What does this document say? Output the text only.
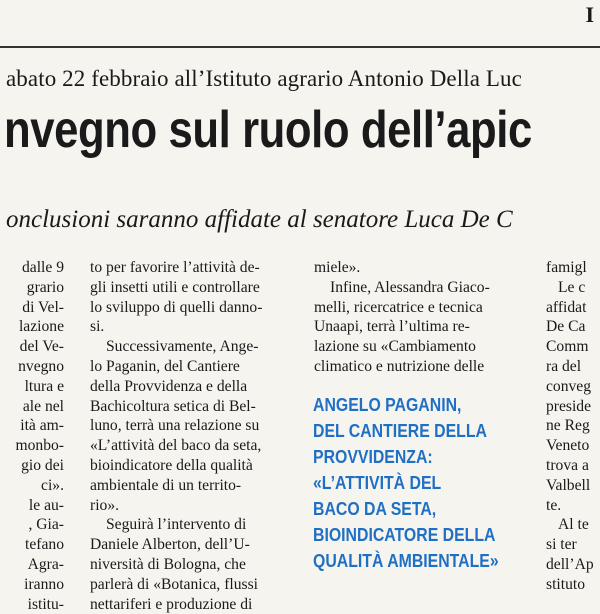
I
abato 22 febbraio all’Istituto agrario Antonio Della Luc
nvegno sul ruolo dell’apic
onclusioni saranno affidate al senatore Luca De C
dalle 9
grario
di Vel-
lazione
del Ve-
nvegno
ltura e
ale nel
ità am-
monbo-
gio dei
ci».
le au-
, Gia-
tefano
Agra-
iranno
istitu-
to per favorire l’attività de-
gli insetti utili e controllare
lo sviluppo di quelli danno-
si.
Successivamente, Ange-
lo Paganin, del Cantiere
della Provvidenza e della
Bachicoltura setica di Bel-
luno, terrà una relazione su
«L’attività del baco da seta,
bioindicatore della qualità
ambientale di un territo-
rio».
Seguirà l’intervento di
Daniele Alberton, dell’U-
niversità di Bologna, che
parlerà di «Botanica, flussi
nettariferi e produzione di
miele».
Infine, Alessandra Giaco-
melli, ricercatrice e tecnica
Unaapi, terrà l’ultima re-
lazione su «Cambiamento
climatico e nutrizione delle
ANGELO PAGANIN,
DEL CANTIERE DELLA
PROVVIDENZA:
«L’ATTIVITÀ DEL
BACO DA SETA,
BIOINDICATORE DELLA
QUALITÀ AMBIENTALE»
famigl
Le c
affidat
De Ca
Comm
ra del
conveg
preside
ne Reg
Veneto
trova a
Valbell
te.
Al te
si ter
dell’Ap
stituto
